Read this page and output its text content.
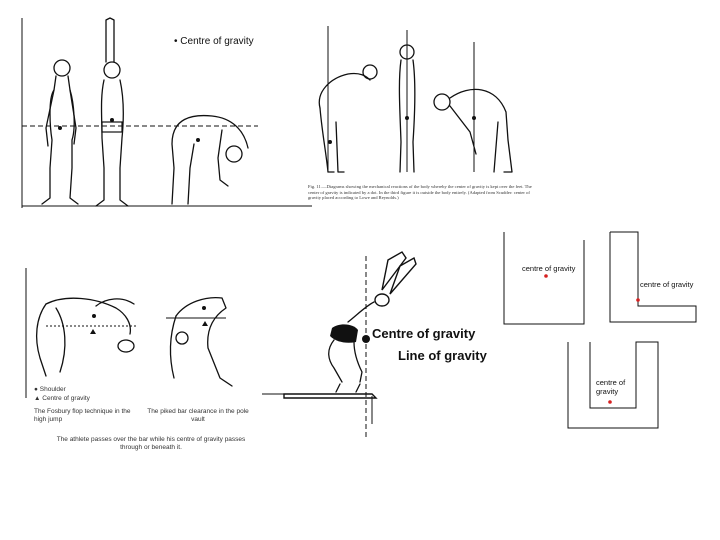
• Centre of gravity
Fig. 11.—Diagrams showing the mechanical reactions of the body whereby the center of gravity is kept over the feet. The center of gravity is indicated by a dot. In the third figure it is outside the body entirely. (Adapted from Scudder: center of gravity placed according to Lowe and Reynolds.)
● Shoulder
▲ Centre of gravity
The Fosbury flop technique in the high jump
The piked bar clearance in the pole vault
The athlete passes over the bar while his centre of gravity passes through or beneath it.
Centre of gravity
Line of gravity
centre of gravity
centre of gravity
centre of gravity
